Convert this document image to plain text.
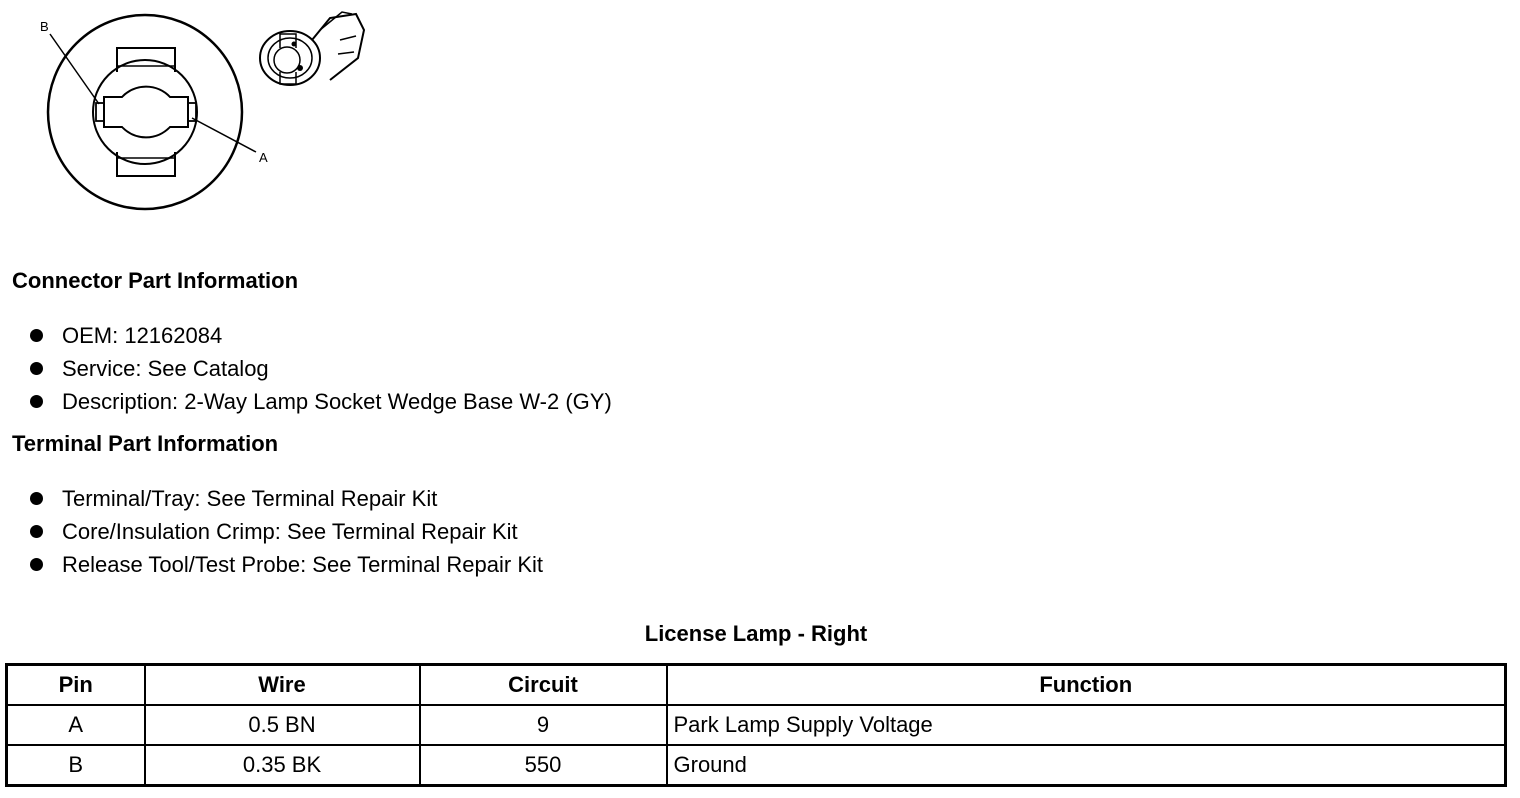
B
A
Connector Part Information
OEM: 12162084
Service: See Catalog
Description: 2-Way Lamp Socket Wedge Base W-2 (GY)
Terminal Part Information
Terminal/Tray: See Terminal Repair Kit
Core/Insulation Crimp: See Terminal Repair Kit
Release Tool/Test Probe: See Terminal Repair Kit
License Lamp - Right
Pin	Wire	Circuit	Function
A	0.5 BN	9	Park Lamp Supply Voltage
B	0.35 BK	550	Ground
